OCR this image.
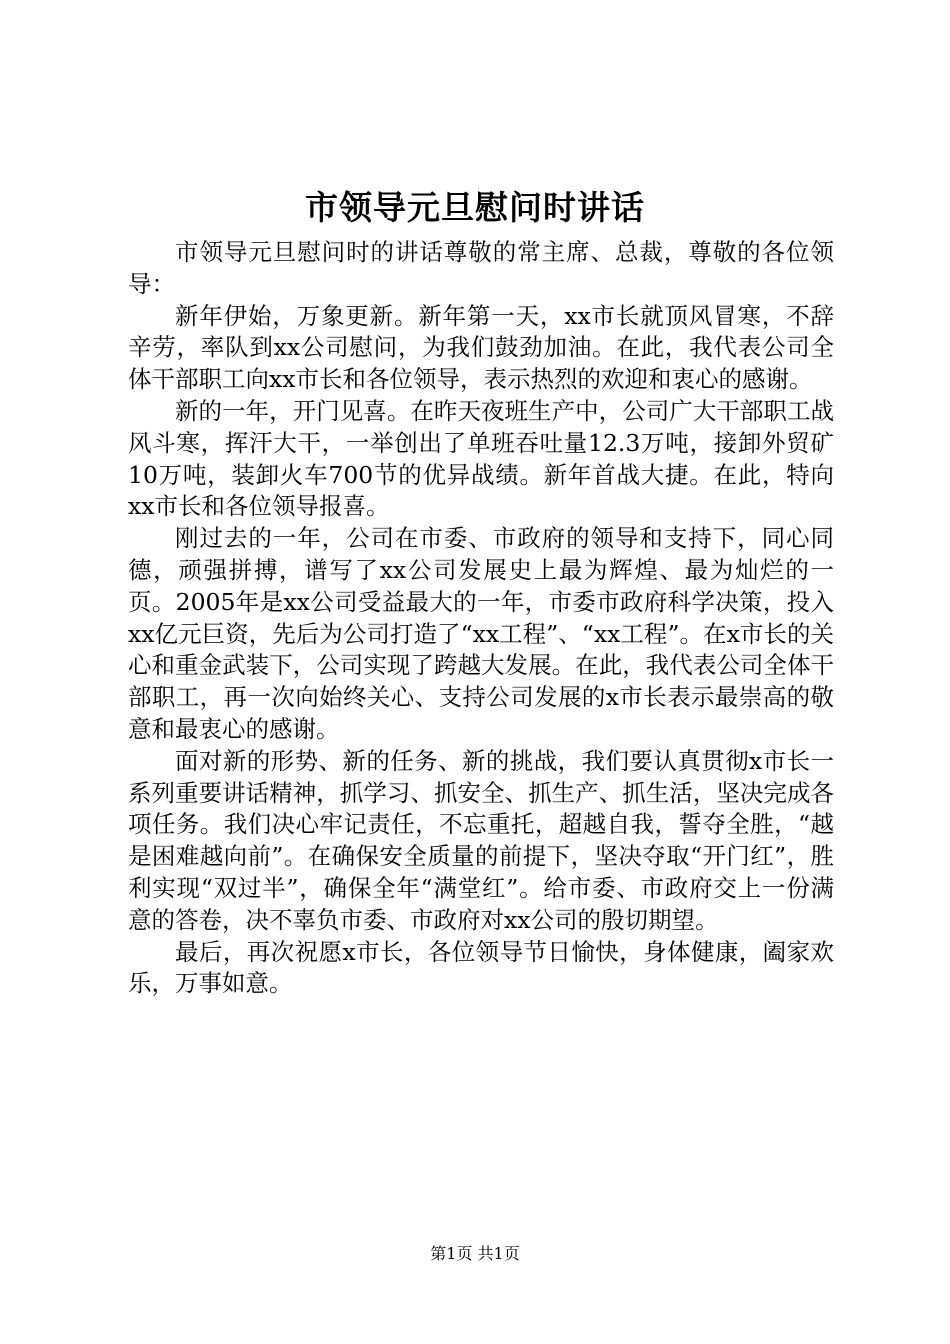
市领导元旦慰问时讲话

市领导元旦慰问时的讲话尊敬的常主席、总裁，尊敬的各位领导：

新年伊始，万象更新。新年第一天，xx市长就顶风冒寒，不辞辛劳，率队到xx公司慰问，为我们鼓劲加油。在此，我代表公司全体干部职工向xx市长和各位领导，表示热烈的欢迎和衷心的感谢。

新的一年，开门见喜。在昨天夜班生产中，公司广大干部职工战风斗寒，挥汗大干，一举创出了单班吞吐量12.3万吨，接卸外贸矿10万吨，装卸火车700节的优异战绩。新年首战大捷。在此，特向xx市长和各位领导报喜。

刚过去的一年，公司在市委、市政府的领导和支持下，同心同德，顽强拼搏，谱写了xx公司发展史上最为辉煌、最为灿烂的一页。2005年是xx公司受益最大的一年，市委市政府科学决策，投入xx亿元巨资，先后为公司打造了“xx工程”、“xx工程”。在x市长的关心和重金武装下，公司实现了跨越大发展。在此，我代表公司全体干部职工，再一次向始终关心、支持公司发展的x市长表示最崇高的敬意和最衷心的感谢。

面对新的形势、新的任务、新的挑战，我们要认真贯彻x市长一系列重要讲话精神，抓学习、抓安全、抓生产、抓生活，坚决完成各项任务。我们决心牢记责任，不忘重托，超越自我，誓夺全胜，“越是困难越向前”。在确保安全质量的前提下，坚决夺取“开门红”，胜利实现“双过半”，确保全年“满堂红”。给市委、市政府交上一份满意的答卷，决不辜负市委、市政府对xx公司的殷切期望。

最后，再次祝愿x市长，各位领导节日愉快，身体健康，阖家欢乐，万事如意。

第1页 共1页
